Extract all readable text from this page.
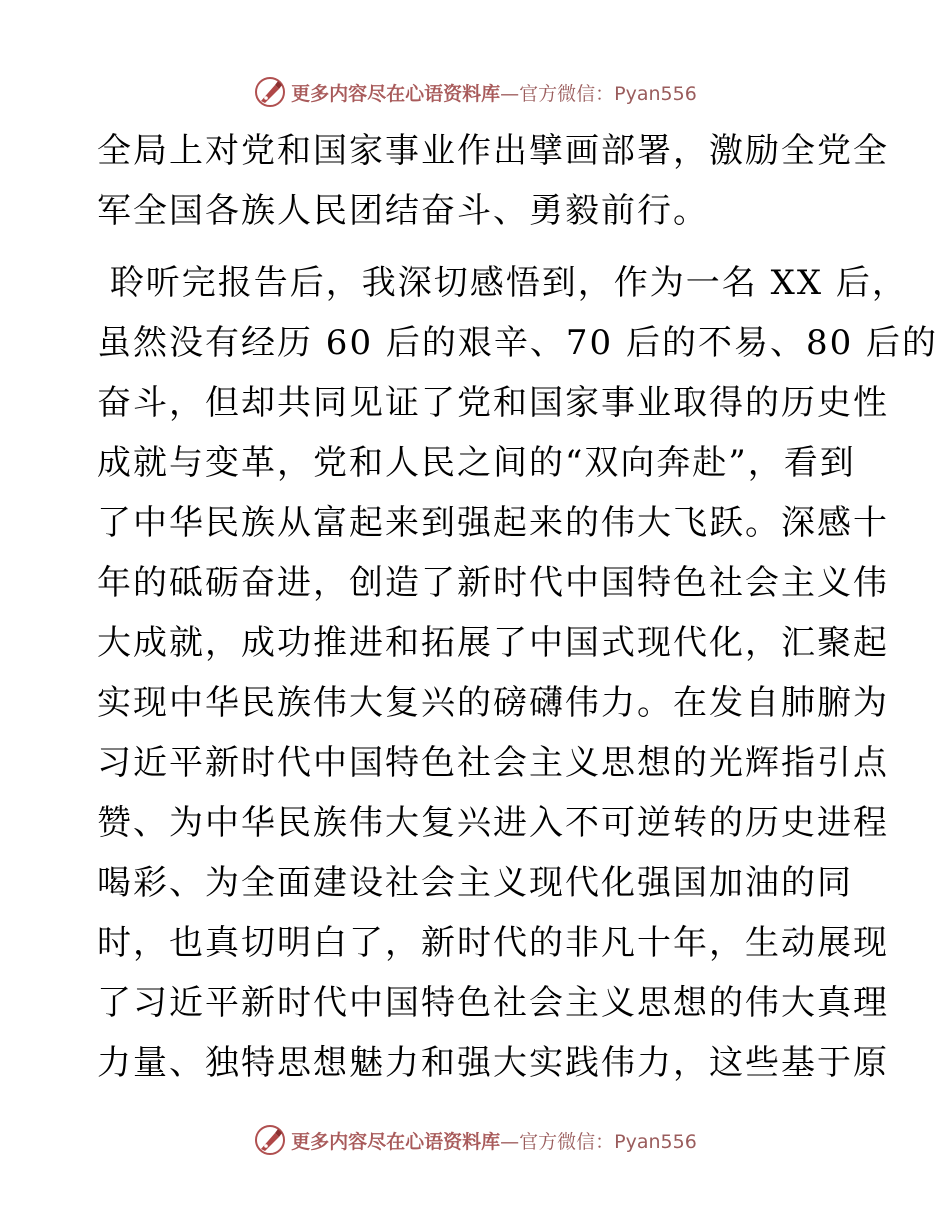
更多内容尽在心语资料库—官方微信：Pyan556
全局上对党和国家事业作出擘画部署，激励全党全
军全国各族人民团结奋斗、勇毅前行。
聆听完报告后，我深切感悟到，作为一名 XX 后，
虽然没有经历 60 后的艰辛、70 后的不易、80 后的
奋斗，但却共同见证了党和国家事业取得的历史性
成就与变革，党和人民之间的“双向奔赴”，看到
了中华民族从富起来到强起来的伟大飞跃。深感十
年的砥砺奋进，创造了新时代中国特色社会主义伟
大成就，成功推进和拓展了中国式现代化，汇聚起
实现中华民族伟大复兴的磅礴伟力。在发自肺腑为
习近平新时代中国特色社会主义思想的光辉指引点
赞、为中华民族伟大复兴进入不可逆转的历史进程
喝彩、为全面建设社会主义现代化强国加油的同
时，也真切明白了，新时代的非凡十年，生动展现
了习近平新时代中国特色社会主义思想的伟大真理
力量、独特思想魅力和强大实践伟力，这些基于原
更多内容尽在心语资料库—官方微信：Pyan556
